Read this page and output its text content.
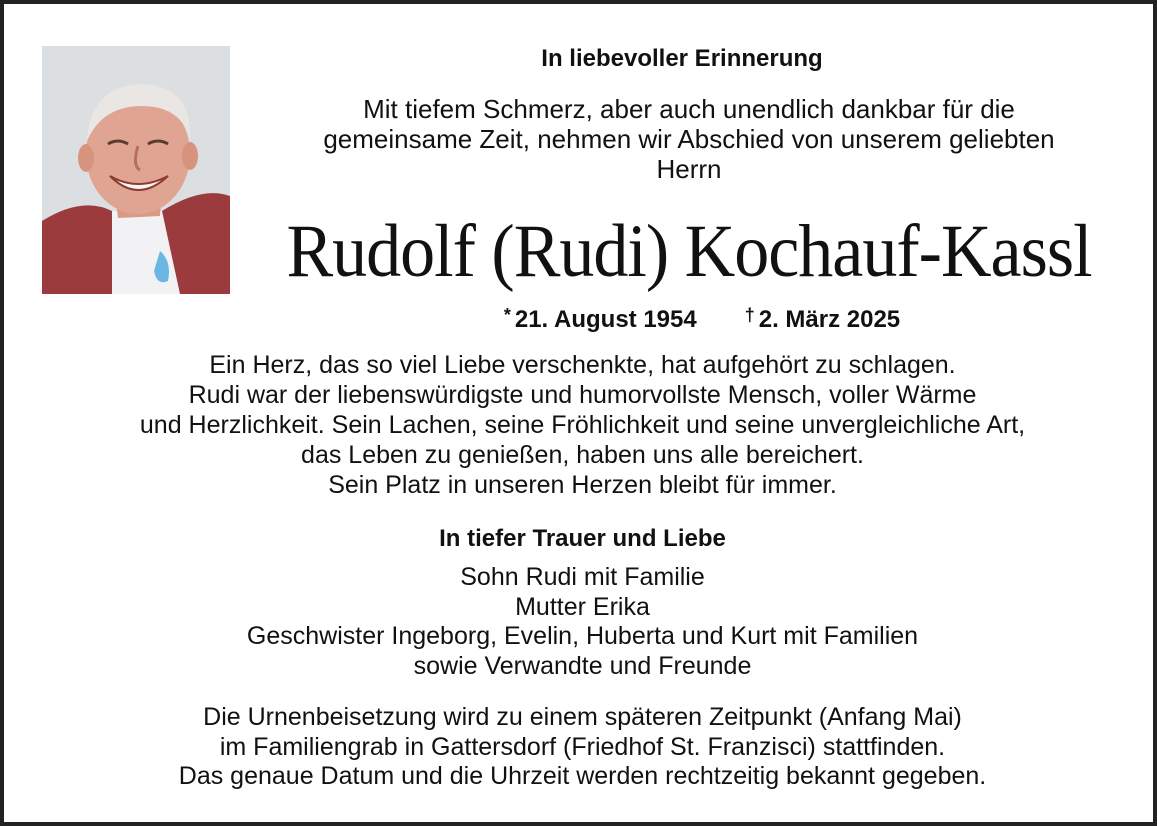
In liebevoller Erinnerung

Mit tiefem Schmerz, aber auch unendlich dankbar für die
gemeinsame Zeit, nehmen wir Abschied von unserem geliebten
Herrn

Rudolf (Rudi) Kochauf-Kassl

* 21. August 1954	† 2. März 2025

Ein Herz, das so viel Liebe verschenkte, hat aufgehört zu schlagen.
Rudi war der liebenswürdigste und humorvollste Mensch, voller Wärme
und Herzlichkeit. Sein Lachen, seine Fröhlichkeit und seine unvergleichliche Art,
das Leben zu genießen, haben uns alle bereichert.
Sein Platz in unseren Herzen bleibt für immer.

In tiefer Trauer und Liebe

Sohn Rudi mit Familie
Mutter Erika
Geschwister Ingeborg, Evelin, Huberta und Kurt mit Familien
sowie Verwandte und Freunde

Die Urnenbeisetzung wird zu einem späteren Zeitpunkt (Anfang Mai)
im Familiengrab in Gattersdorf (Friedhof St. Franzisci) stattfinden.
Das genaue Datum und die Uhrzeit werden rechtzeitig bekannt gegeben.
